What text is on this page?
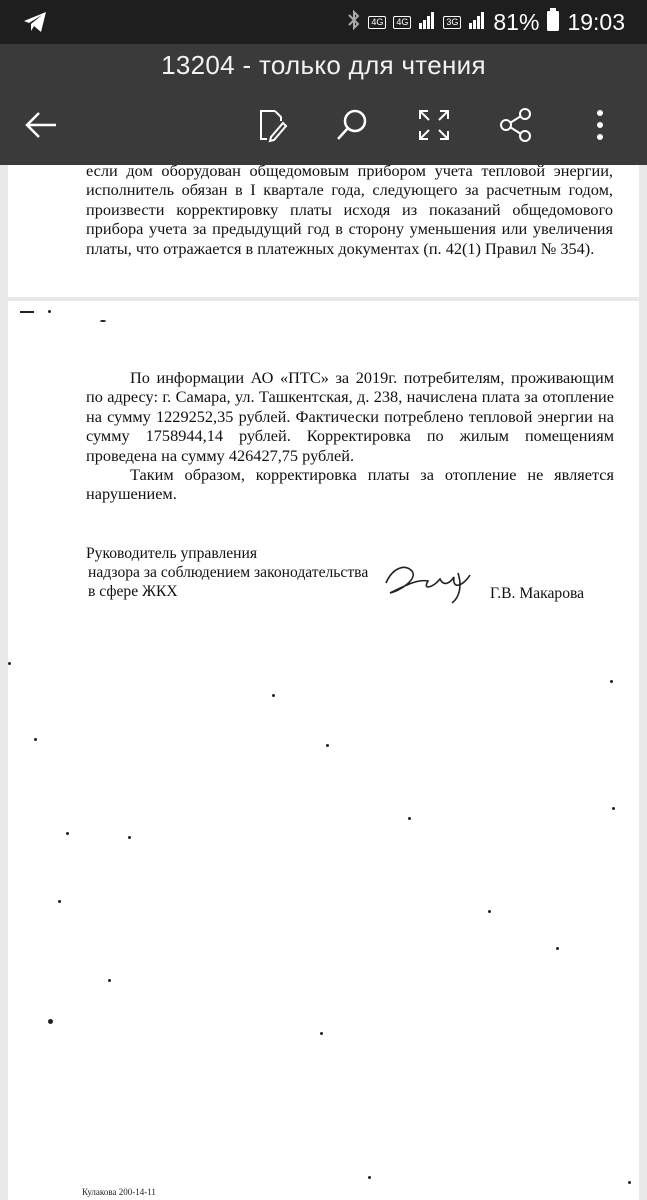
4G	4G	3G 81% 19:03
13204 - только для чтения
если дом оборудован общедомовым прибором учета тепловой энергии, исполнитель обязан в I квартале года, следующего за расчетным годом, произвести корректировку платы исходя из показаний общедомового прибора учета за предыдущий год в сторону уменьшения или увеличения платы, что отражается в платежных документах (п. 42(1) Правил № 354).

По информации АО «ПТС» за 2019г. потребителям, проживающим по адресу: г. Самара, ул. Ташкентская, д. 238, начислена плата за отопление на сумму 1229252,35 рублей. Фактически потреблено тепловой энергии на сумму 1758944,14 рублей. Корректировка по жилым помещениям проведена на сумму 426427,75 рублей.

Таким образом, корректировка платы за отопление не является нарушением.

Руководитель управления
надзора за соблюдением законодательства
в сфере ЖКХ	Г.В. Макарова
Кулакова 200-14-11
